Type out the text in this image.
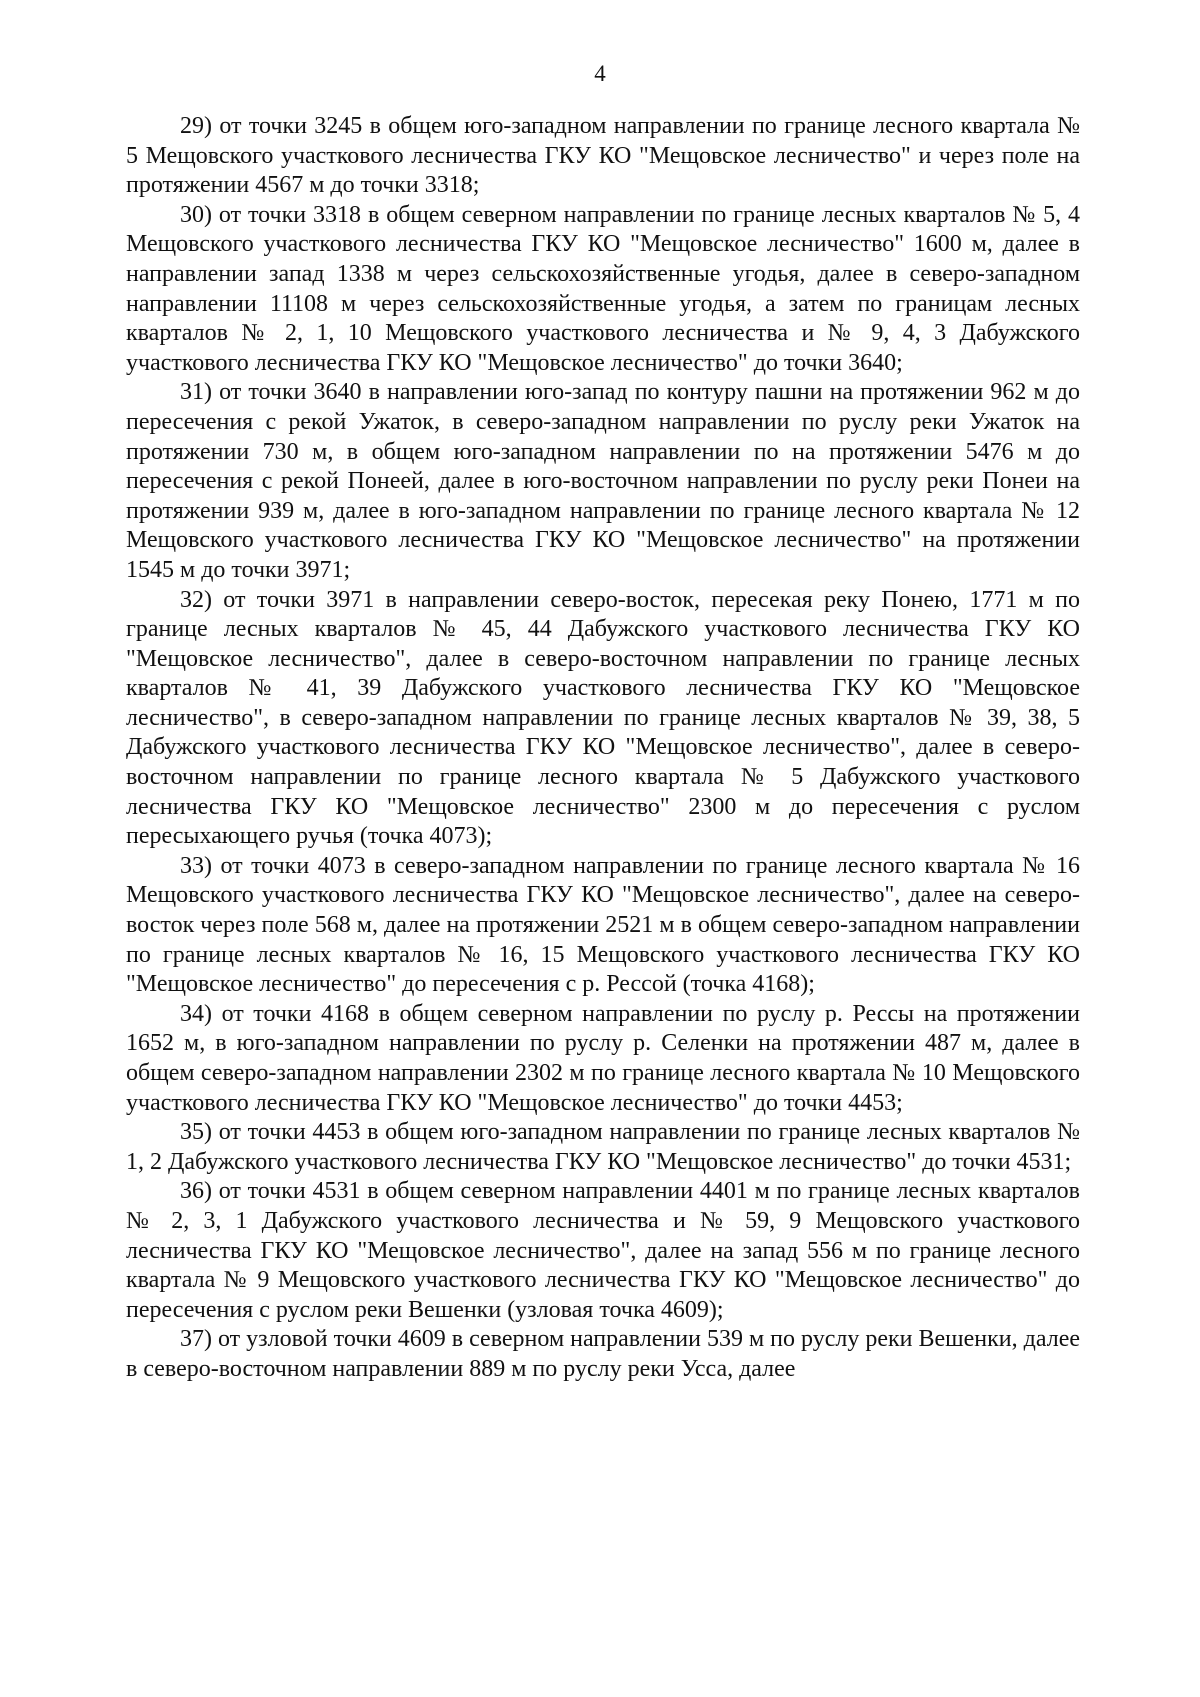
4

29) от точки 3245 в общем юго-западном направлении по границе лесного квартала № 5 Мещовского участкового лесничества ГКУ КО "Мещовское лесничество" и через поле на протяжении 4567 м до точки 3318;

30) от точки 3318 в общем северном направлении по границе лесных кварталов № 5, 4 Мещовского участкового лесничества ГКУ КО "Мещовское лесничество" 1600 м, далее в направлении запад 1338 м через сельскохозяйственные угодья, далее в северо-западном направлении 11108 м через сельскохозяйственные угодья, а затем по границам лесных кварталов № 2, 1, 10 Мещовского участкового лесничества и № 9, 4, 3 Дабужского участкового лесничества ГКУ КО "Мещовское лесничество" до точки 3640;

31) от точки 3640 в направлении юго-запад по контуру пашни на протяжении 962 м до пересечения с рекой Ужаток, в северо-западном направлении по руслу реки Ужаток на протяжении 730 м, в общем юго-западном направлении по на протяжении 5476 м до пересечения с рекой Понеей, далее в юго-восточном направлении по руслу реки Понеи на протяжении 939 м, далее в юго-западном направлении по границе лесного квартала № 12 Мещовского участкового лесничества ГКУ КО "Мещовское лесничество" на протяжении 1545 м до точки 3971;

32) от точки 3971 в направлении северо-восток, пересекая реку Понею, 1771 м по границе лесных кварталов № 45, 44 Дабужского участкового лесничества ГКУ КО "Мещовское лесничество", далее в северо-восточном направлении по границе лесных кварталов № 41, 39 Дабужского участкового лесничества ГКУ КО "Мещовское лесничество", в северо-западном направлении по границе лесных кварталов № 39, 38, 5 Дабужского участкового лесничества ГКУ КО "Мещовское лесничество", далее в северо-восточном направлении по границе лесного квартала № 5 Дабужского участкового лесничества ГКУ КО "Мещовское лесничество" 2300 м до пересечения с руслом пересыхающего ручья (точка 4073);

33) от точки 4073 в северо-западном направлении по границе лесного квартала № 16 Мещовского участкового лесничества ГКУ КО "Мещовское лесничество", далее на северо-восток через поле 568 м, далее на протяжении 2521 м в общем северо-западном направлении по границе лесных кварталов № 16, 15 Мещовского участкового лесничества ГКУ КО "Мещовское лесничество" до пересечения с р. Рессой (точка 4168);

34) от точки 4168 в общем северном направлении по руслу р. Рессы на протяжении 1652 м, в юго-западном направлении по руслу р. Селенки на протяжении 487 м, далее в общем северо-западном направлении 2302 м по границе лесного квартала № 10 Мещовского участкового лесничества ГКУ КО "Мещовское лесничество" до точки 4453;

35) от точки 4453 в общем юго-западном направлении по границе лесных кварталов № 1, 2 Дабужского участкового лесничества ГКУ КО "Мещовское лесничество" до точки 4531;

36) от точки 4531 в общем северном направлении 4401 м по границе лесных кварталов № 2, 3, 1 Дабужского участкового лесничества и № 59, 9 Мещовского участкового лесничества ГКУ КО "Мещовское лесничество", далее на запад 556 м по границе лесного квартала № 9 Мещовского участкового лесничества ГКУ КО "Мещовское лесничество" до пересечения с руслом реки Вешенки (узловая точка 4609);

37) от узловой точки 4609 в северном направлении 539 м по руслу реки Вешенки, далее в северо-восточном направлении 889 м по руслу реки Усса, далее
